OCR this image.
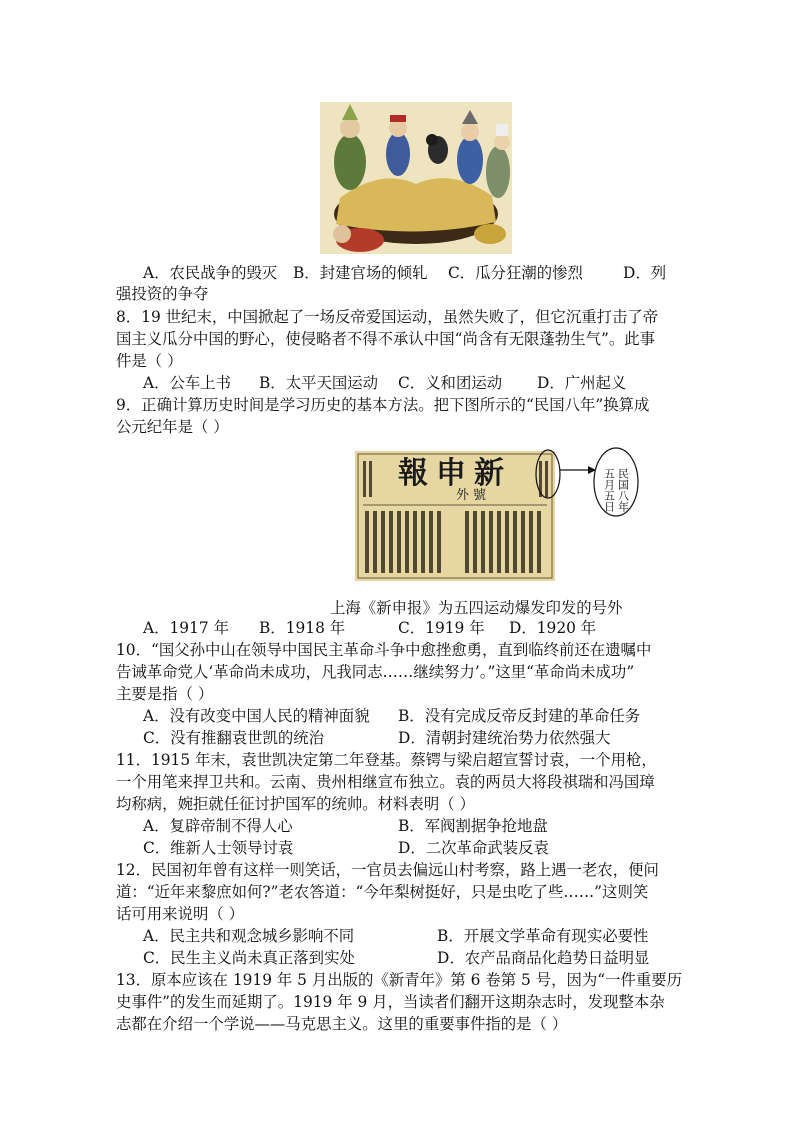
A．农民战争的毁灭 B．封建官场的倾轧 C．瓜分狂潮的惨烈	D．列
强投资的争夺
8．19 世纪末，中国掀起了一场反帝爱国运动，虽然失败了，但它沉重打击了帝
国主义瓜分中国的野心，使侵略者不得不承认中国“尚含有无限蓬勃生气”。此事
件是（ ）
A．公车上书 B．太平天国运动 C．义和团运动 D．广州起义
9．正确计算历史时间是学习历史的基本方法。把下图所示的“民国八年”换算成
公元纪年是（ ）
報申新
外號	民国八年
五月五日
上海《新申报》为五四运动爆发印发的号外
A．1917 年 B．1918 年	C．1919 年 D．1920 年
10．“国父孙中山在领导中国民主革命斗争中愈挫愈勇，直到临终前还在遗嘱中
告诫革命党人‘革命尚未成功，凡我同志……继续努力’。”这里“革命尚未成功”
主要是指（ ）
A．没有改变中国人民的精神面貌 B．没有完成反帝反封建的革命任务
C．没有推翻袁世凯的统治	D．清朝封建统治势力依然强大
11．1915 年末，袁世凯决定第二年登基。蔡锷与梁启超宣誓讨袁，一个用枪，
一个用笔来捍卫共和。云南、贵州相继宣布独立。袁的两员大将段祺瑞和冯国璋
均称病，婉拒就任征讨护国军的统帅。材料表明（ ）
A．复辟帝制不得人心	B．军阀割据争抢地盘
C．维新人士领导讨袁	D．二次革命武装反袁
12．民国初年曾有这样一则笑话，一官员去偏远山村考察，路上遇一老农，便问
道：“近年来黎庶如何?”老农答道：“今年梨树挺好，只是虫吃了些……”这则笑
话可用来说明（ ）
A．民主共和观念城乡影响不同	B．开展文学革命有现实必要性
C．民生主义尚未真正落到实处	D．农产品商品化趋势日益明显
13．原本应该在 1919 年 5 月出版的《新青年》第 6 卷第 5 号，因为“一件重要历
史事件”的发生而延期了。1919 年 9 月，当读者们翻开这期杂志时，发现整本杂
志都在介绍一个学说——马克思主义。这里的重要事件指的是（ ）
